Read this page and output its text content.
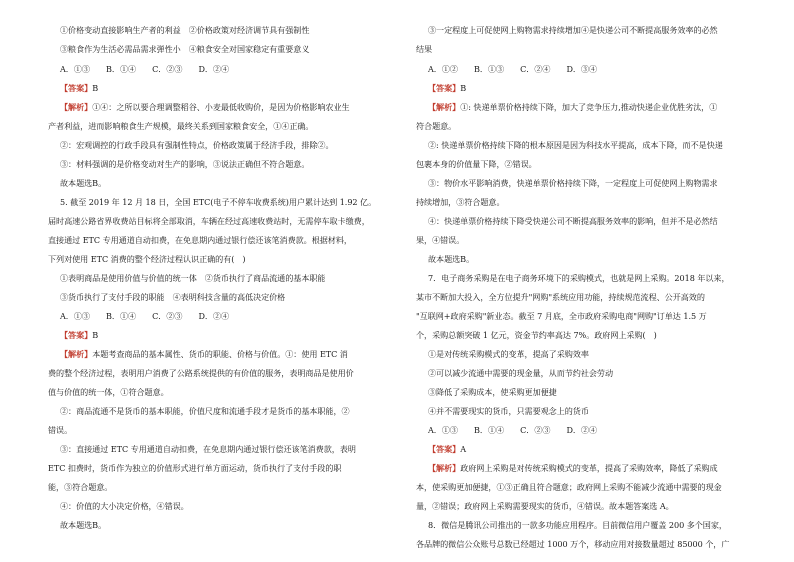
①价格变动直接影响生产者的利益　②价格政策对经济调节具有强制性
③粮食作为生活必需品需求弹性小　④粮食安全对国家稳定有重要意义
A．①③　　B．①④　　C．②③　　D．②④
【答案】B
【解析】①④：之所以要合理调整稻谷、小麦最低收购价，是因为价格影响农业生
产者利益，进而影响粮食生产规模，最终关系到国家粮食安全，①④正确。
②：宏观调控的行政手段具有强制性特点，价格政策属于经济手段，排除②。
③：材料强调的是价格变动对生产的影响，③说法正确但不符合题意。
故本题选B。
5. 截至 2019 年 12 月 18 日，全国 ETC(电子不停车收费系统)用户累计达到 1.92 亿。
届时高速公路省界收费站目标将全部取消，车辆在经过高速收费站时，无需停车取卡缴费，
直接通过 ETC 专用通道自动扣费，在免息期内通过银行偿还该笔消费款。根据材料，
下列对使用 ETC 消费的整个经济过程认识正确的有(　)
①表明商品是使用价值与价值的统一体　②货币执行了商品流通的基本职能
③货币执行了支付手段的职能　④表明科技含量的高低决定价格
A．①③　　B．①④　　C．②③　　D．②④
【答案】B
【解析】本题考查商品的基本属性、货币的职能、价格与价值。①：使用 ETC 消
费的整个经济过程，表明用户消费了公路系统提供的有价值的服务，表明商品是使用价
值与价值的统一体，①符合题意。
②：商品流通不是货币的基本职能，价值尺度和流通手段才是货币的基本职能，②
错误。
③：直接通过 ETC 专用通道自动扣费，在免息期内通过银行偿还该笔消费款，表明
ETC 扣费时，货币作为独立的价值形式进行单方面运动，货币执行了支付手段的职
能，③符合题意。
④：价值的大小决定价格，④错误。
故本题选B。
③一定程度上可促使网上购物需求持续增加④是快递公司不断提高服务效率的必然
结果
A．①②　　B．①③　　C．②④　　D．③④
【答案】B
【解析】①: 快递单票价格持续下降，加大了竞争压力,推动快递企业优胜劣汰，①
符合题意。
②: 快递单票价格持续下降的根本原因是因为科技水平提高，成本下降，而不是快递
包裹本身的价值量下降，②错误。
③：物价水平影响消费，快递单票价格持续下降，一定程度上可促使网上购物需求
持续增加，③符合题意。
④：快递单票价格持续下降受快递公司不断提高服务效率的影响，但并不是必然结
果，④错误。
故本题选B。
7．电子商务采购是在电子商务环境下的采购模式，也就是网上采购。2018 年以来，
某市不断加大投入，全方位提升"网购"系统应用功能，持续规范流程、公开高效的
"互联网+政府采购"新业态。截至 7 月底，全市政府采购电商"网购"订单达 1.5 万
个，采购总额突破 1 亿元，资金节约率高达 7%。政府网上采购(　)
①是对传统采购模式的变革，提高了采购效率
②可以减少流通中需要的现金量，从而节约社会劳动
③降低了采购成本，使采购更加便捷
④并不需要现实的货币，只需要观念上的货币
A．①③　　B．①④　　C．②③　　D．②④
【答案】A
【解析】政府网上采购是对传统采购模式的变革，提高了采购效率，降低了采购成
本，使采购更加便捷，①③正确且符合题意；政府网上采购不能减少流通中需要的现金
量，②错误；政府网上采购需要现实的货币，④错误。故本题答案选 A。
8．微信是腾讯公司推出的一款多功能应用程序。目前微信用户覆盖 200 多个国家，
各品牌的微信公众账号总数已经超过 1000 万个，移动应用对接数量超过 85000 个，广
